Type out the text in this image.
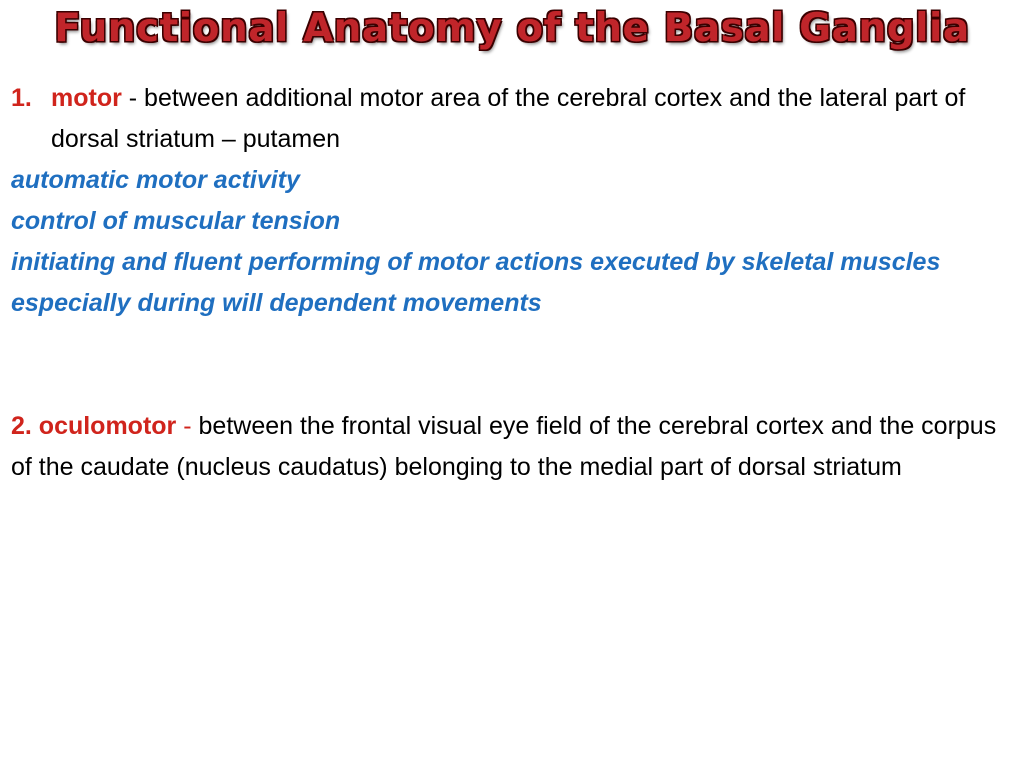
Functional Anatomy of the Basal Ganglia

1. motor - between additional motor area of the cerebral cortex and the lateral part of dorsal striatum – putamen

automatic motor activity

control of muscular tension

initiating and fluent performing of motor actions executed by skeletal muscles especially during will dependent movements

2. oculomotor - between the frontal visual eye field of the cerebral cortex and the corpus of the caudate (nucleus caudatus) belonging to the medial part of dorsal striatum
